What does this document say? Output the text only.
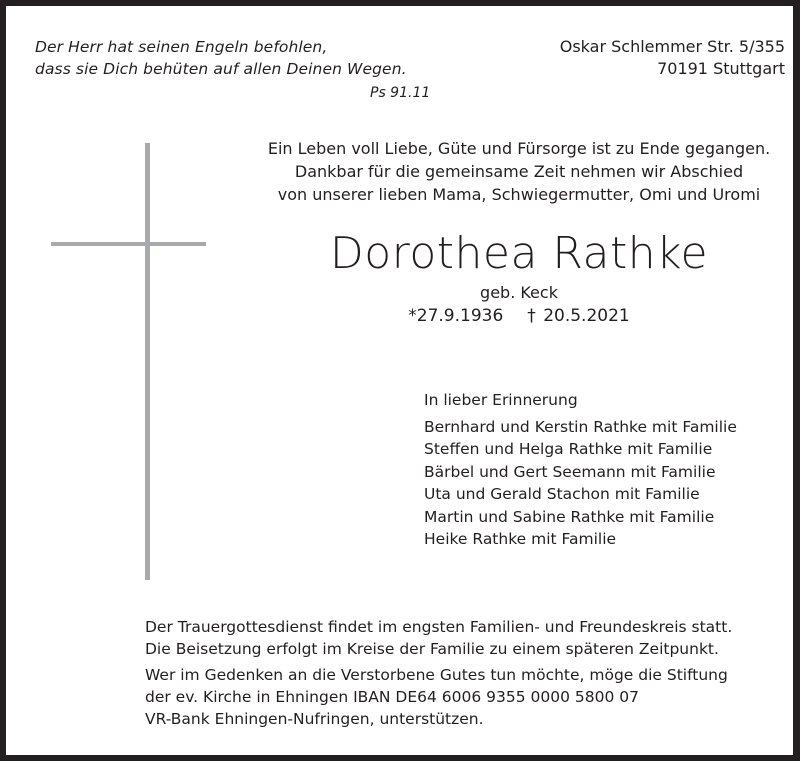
Der Herr hat seinen Engeln befohlen,
dass sie Dich behüten auf allen Deinen Wegen.
Ps 91.11
Oskar Schlemmer Str. 5/355
70191 Stuttgart
Ein Leben voll Liebe, Güte und Fürsorge ist zu Ende gegangen.
Dankbar für die gemeinsame Zeit nehmen wir Abschied
von unserer lieben Mama, Schwiegermutter, Omi und Uromi
Dorothea Rathke
geb. Keck
*27.9.1936 † 20.5.2021
In lieber Erinnerung
Bernhard und Kerstin Rathke mit Familie
Steffen und Helga Rathke mit Familie
Bärbel und Gert Seemann mit Familie
Uta und Gerald Stachon mit Familie
Martin und Sabine Rathke mit Familie
Heike Rathke mit Familie
Der Trauergottesdienst findet im engsten Familien- und Freundeskreis statt.
Die Beisetzung erfolgt im Kreise der Familie zu einem späteren Zeitpunkt.
Wer im Gedenken an die Verstorbene Gutes tun möchte, möge die Stiftung
der ev. Kirche in Ehningen IBAN DE64 6006 9355 0000 5800 07
VR-Bank Ehningen-Nufringen, unterstützen.
